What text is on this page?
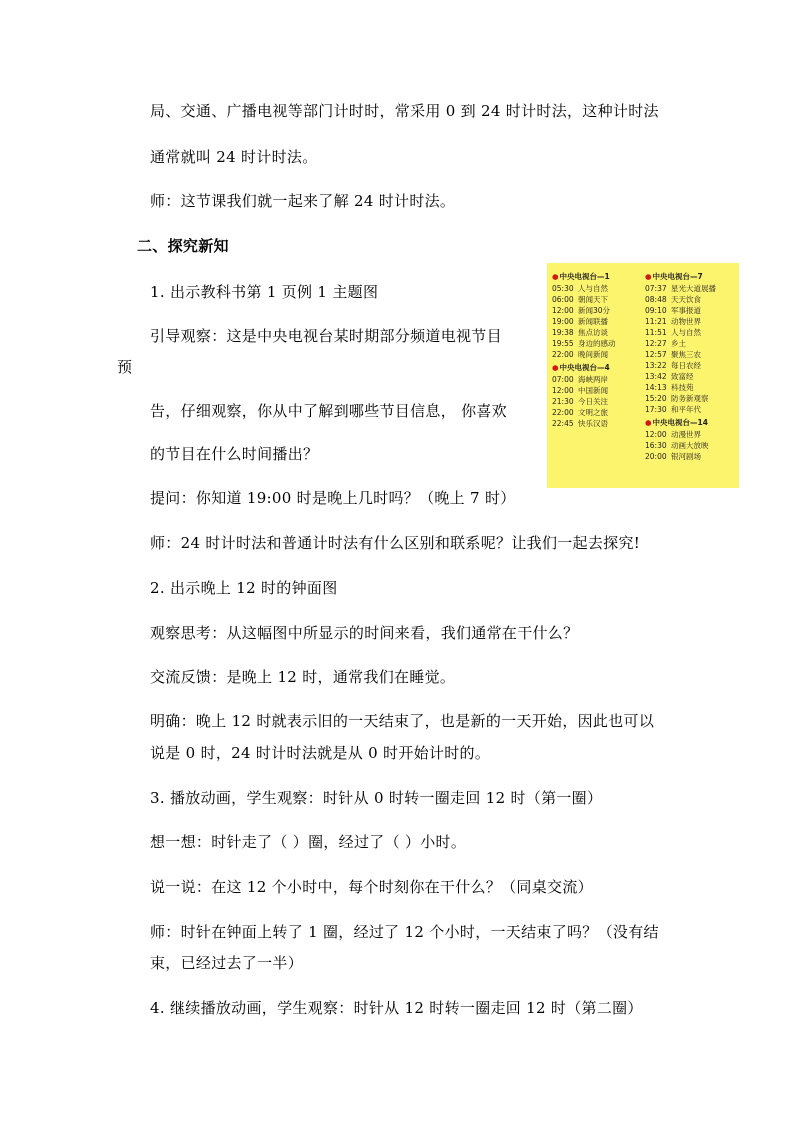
局、交通、广播电视等部门计时时，常采用 0 到 24 时计时法，这种计时法
通常就叫 24 时计时法。
师：这节课我们就一起来了解 24 时计时法。
二、探究新知
1. 出示教科书第 1 页例 1 主题图
引导观察：这是中央电视台某时期部分频道电视节目
预
告，仔细观察，你从中了解到哪些节目信息， 你喜欢
的节目在什么时间播出？
提问：你知道 19:00 时是晚上几时吗？（晚上 7 时）
师：24 时计时法和普通计时法有什么区别和联系呢？让我们一起去探究!
2. 出示晚上 12 时的钟面图
观察思考：从这幅图中所显示的时间来看，我们通常在干什么？
交流反馈：是晚上 12 时，通常我们在睡觉。
明确：晚上 12 时就表示旧的一天结束了，也是新的一天开始，因此也可以
说是 0 时，24 时计时法就是从 0 时开始计时的。
3. 播放动画，学生观察：时针从 0 时转一圈走回 12 时（第一圈）
想一想：时针走了（ ）圈，经过了（ ）小时。
说一说：在这 12 个小时中，每个时刻你在干什么？（同桌交流）
师：时针在钟面上转了 1 圈，经过了 12 个小时，一天结束了吗？（没有结
束，已经过去了一半）
4. 继续播放动画，学生观察：时针从 12 时转一圈走回 12 时（第二圈）
●中央电视台—1
05:30 人与自然
06:00 朝闻天下
12:00 新闻30分
19:00 新闻联播
19:38 焦点访谈
19:55 身边的感动
22:00 晚间新闻
●中央电视台—4
07:00 海峡两岸
12:00 中国新闻
21:30 今日关注
22:00 文明之旅
22:45 快乐汉语
●中央电视台—7
07:37 星光大道展播
08:48 天天饮食
09:10 军事报道
11:21 动物世界
11:51 人与自然
12:27 乡土
12:57 聚焦三农
13:22 每日农经
13:42 致富经
14:13 科技苑
15:20 防务新观察
17:30 和平年代
●中央电视台—14
12:00 动漫世界
16:30 动画大放映
20:00 银河剧场
